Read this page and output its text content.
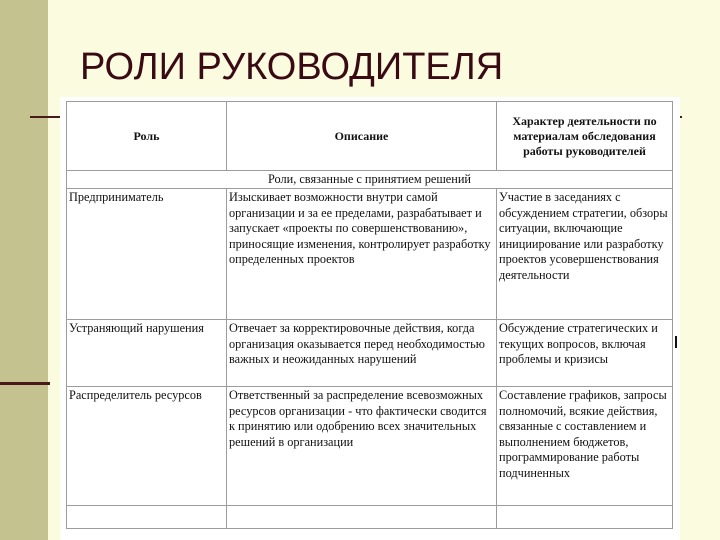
РОЛИ РУКОВОДИТЕЛЯ
Роль	Описание	Характер деятельности по материалам обследования работы руководителей
Роли, связанные с принятием решений		
Предприниматель	Изыскивает возможности внутри самой организации и за ее пределами, разрабатывает и запускает «проекты по совершенствованию», приносящие изменения, контролирует разработку определенных проектов	Участие в заседаниях с обсуждением стратегии, обзоры ситуации, включающие инициирование или разработку проектов усовершенствования деятельности
Устраняющий нарушения	Отвечает за корректировочные действия, когда организация оказывается перед необходимостью важных и неожиданных нарушений	Обсуждение стратегических и текущих вопросов, включая проблемы и кризисы
Распределитель ресурсов	Ответственный за распределение всевозможных ресурсов организации - что фактически сводится к принятию или одобрению всех значительных решений в организации	Составление графиков, запросы полномочий, всякие действия, связанные с составлением и выполнением бюджетов, программирование работы подчиненных
